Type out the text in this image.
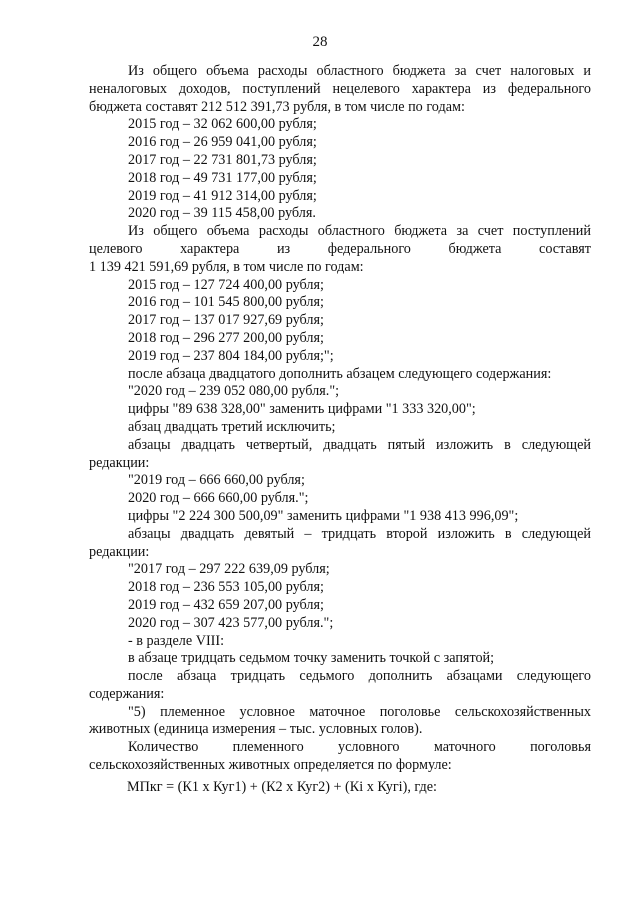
28

Из общего объема расходы областного бюджета за счет налоговых и неналоговых доходов, поступлений нецелевого характера из федерального бюджета составят 212 512 391,73 рубля, в том числе по годам:

2015 год – 32 062 600,00 рубля;

2016 год – 26 959 041,00 рубля;

2017 год – 22 731 801,73 рубля;

2018 год – 49 731 177,00 рубля;

2019 год – 41 912 314,00 рубля;

2020 год – 39 115 458,00 рубля.

Из общего объема расходы областного бюджета за счет поступлений целевого характера из федерального бюджета составят

1 139 421 591,69 рубля, в том числе по годам:

2015 год – 127 724 400,00 рубля;

2016 год – 101 545 800,00 рубля;

2017 год – 137 017 927,69 рубля;

2018 год – 296 277 200,00 рубля;

2019 год – 237 804 184,00 рубля;";

после абзаца двадцатого дополнить абзацем следующего содержания:

"2020 год – 239 052 080,00 рубля.";

цифры "89 638 328,00" заменить цифрами "1 333 320,00";

абзац двадцать третий исключить;

абзацы двадцать четвертый, двадцать пятый изложить в следующей редакции:

"2019 год – 666 660,00 рубля;

2020 год – 666 660,00 рубля.";

цифры "2 224 300 500,09" заменить цифрами "1 938 413 996,09";

абзацы двадцать девятый – тридцать второй изложить в следующей редакции:

"2017 год – 297 222 639,09 рубля;

2018 год – 236 553 105,00 рубля;

2019 год – 432 659 207,00 рубля;

2020 год – 307 423 577,00 рубля.";

- в разделе VIII:

в абзаце тридцать седьмом точку заменить точкой с запятой;

после абзаца тридцать седьмого дополнить абзацами следующего содержания:

"5) племенное условное маточное поголовье сельскохозяйственных животных (единица измерения – тыс. условных голов).

Количество племенного условного маточного поголовья сельскохозяйственных животных определяется по формуле:

МПкг = (К1 х Куг1) + (К2 х Куг2) + (Кi х Кугi), где:
